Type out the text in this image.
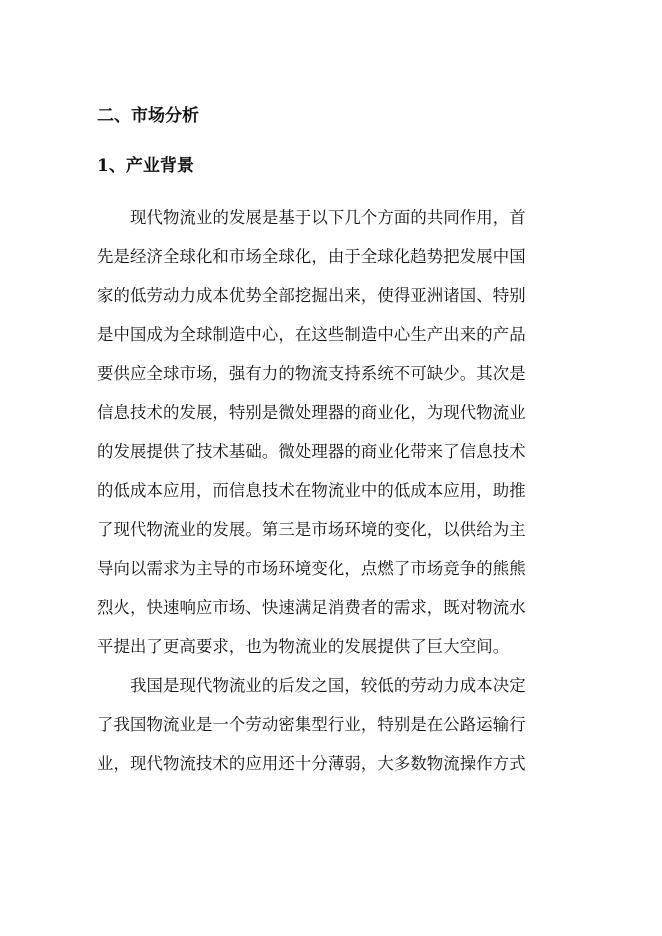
二、市场分析
1、产业背景
现代物流业的发展是基于以下几个方面的共同作用，首
先是经济全球化和市场全球化，由于全球化趋势把发展中国
家的低劳动力成本优势全部挖掘出来，使得亚洲诸国、特别
是中国成为全球制造中心，在这些制造中心生产出来的产品
要供应全球市场，强有力的物流支持系统不可缺少。其次是
信息技术的发展，特别是微处理器的商业化，为现代物流业
的发展提供了技术基础。微处理器的商业化带来了信息技术
的低成本应用，而信息技术在物流业中的低成本应用，助推
了现代物流业的发展。第三是市场环境的变化，以供给为主
导向以需求为主导的市场环境变化，点燃了市场竞争的熊熊
烈火，快速响应市场、快速满足消费者的需求，既对物流水
平提出了更高要求，也为物流业的发展提供了巨大空间。
我国是现代物流业的后发之国，较低的劳动力成本决定
了我国物流业是一个劳动密集型行业，特别是在公路运输行
业，现代物流技术的应用还十分薄弱，大多数物流操作方式
